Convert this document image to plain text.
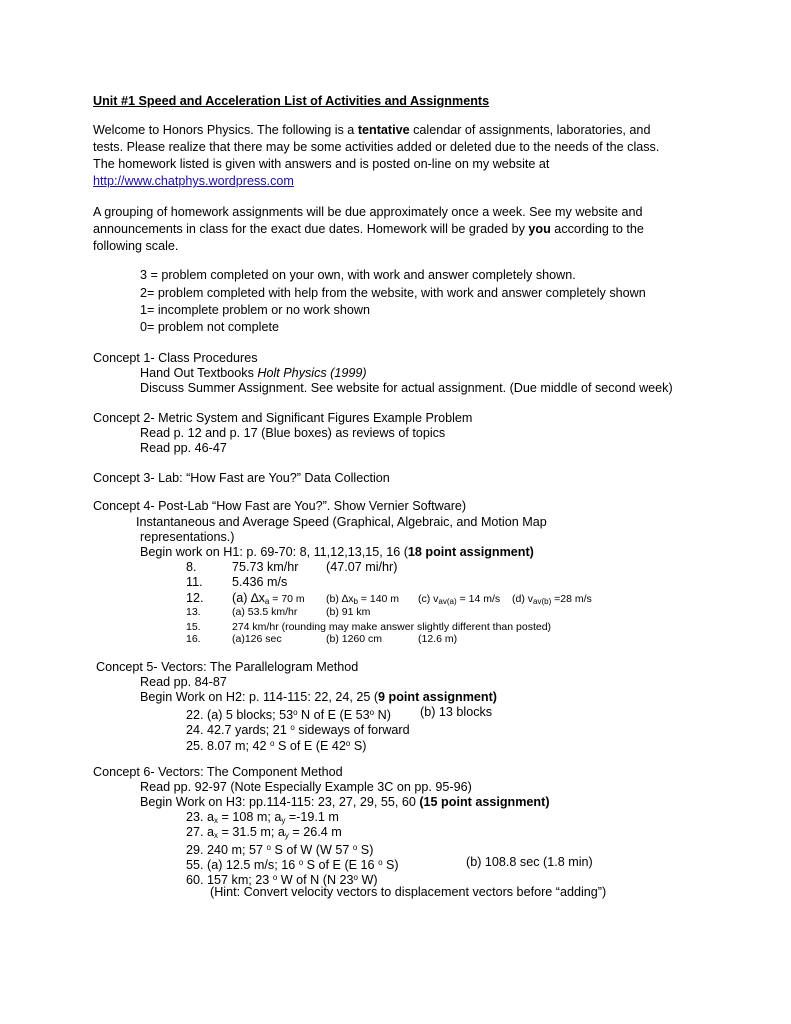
Unit #1 Speed and Acceleration List of Activities and Assignments
Welcome to Honors Physics. The following is a tentative calendar of assignments, laboratories, and
tests. Please realize that there may be some activities added or deleted due to the needs of the class.
The homework listed is given with answers and is posted on-line on my website at
http://www.chatphys.wordpress.com
A grouping of homework assignments will be due approximately once a week. See my website and
announcements in class for the exact due dates. Homework will be graded by you according to the
following scale.
3 = problem completed on your own, with work and answer completely shown.
2= problem completed with help from the website, with work and answer completely shown
1= incomplete problem or no work shown
0= problem not complete
Concept 1- Class Procedures
Hand Out Textbooks Holt Physics (1999)
Discuss Summer Assignment. See website for actual assignment. (Due middle of second week)
Concept 2- Metric System and Significant Figures Example Problem
Read p. 12 and p. 17 (Blue boxes) as reviews of topics
Read pp. 46-47
Concept 3- Lab: “How Fast are You?” Data Collection
Concept 4- Post-Lab “How Fast are You?”. Show Vernier Software)
Instantaneous and Average Speed (Graphical, Algebraic, and Motion Map
representations.)
Begin work on H1: p. 69-70: 8, 11,12,13,15, 16 (18 point assignment)
8.	75.73 km/hr (47.07 mi/hr)
11. 5.436 m/s
12. (a) $\Delta x_a = 70$ m (b) $\Delta x_b = 140$ m (c) $v_{av(a)} = 14$ m/s (d) $v_{av(b)} =28$ m/s
13.	(a) 53.5 km/hr	(b) 91 km
15.	274 km/hr (rounding may make answer slightly different than posted)
16.	(a)126 sec	(b) 1260 cm	(12.6 m)
Concept 5- Vectors: The Parallelogram Method
Read pp. 84-87
Begin Work on H2: p. 114-115: 22, 24, 25 (9 point assignment)
22. (a) 5 blocks; 53$^o$ N of E (E 53$^o$ N) (b) 13 blocks
24. 42.7 yards; 21 $^o$ sideways of forward
25. 8.07 m; 42 $^o$ S of E (E 42$^o$ S)
Concept 6- Vectors: The Component Method
Read pp. 92-97 (Note Especially Example 3C on pp. 95-96)
Begin Work on H3: pp.114-115: 23, 27, 29, 55, 60 (15 point assignment)
23. $a_x = 108$ m; $a_y =-19.1$ m
27. $a_x = 31.5$ m; $a_y = 26.4$ m
29. 240 m; 57 $^o$ S of W (W 57 $^o$ S)
55. (a) 12.5 m/s; 16 $^o$ S of E (E 16 $^o$ S)	(b) 108.8 sec (1.8 min)
60. 157 km; 23 $^o$ W of N (N 23$^o$ W)
(Hint: Convert velocity vectors to displacement vectors before “adding”)
